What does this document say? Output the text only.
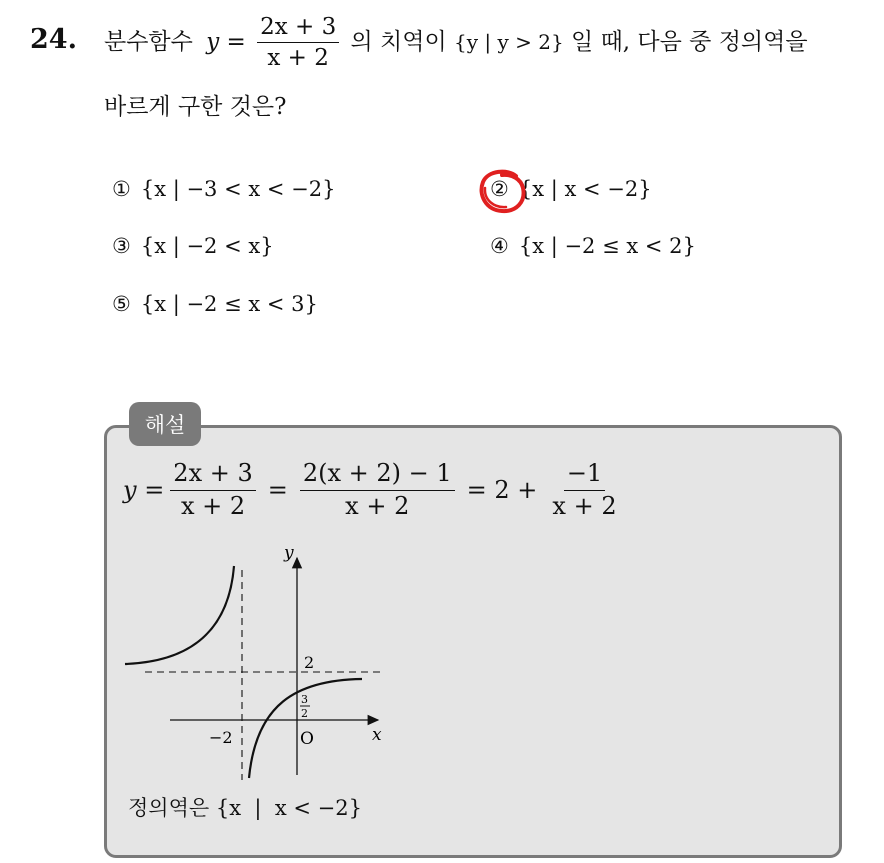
24. 분수함수 $y = \frac{2x + 3}{x + 2}$ 의 치역이 {y | y > 2} 일 때, 다음 중 정의역을
바르게 구한 것은?
① {x | −3 < x < −2}	② {x | x < −2}
③ {x | −2 < x}	④ {x | −2 ≤ x < 2}
⑤ {x | −2 ≤ x < 3}
해설
$y = \frac{2x + 3}{x + 2} = \frac{2(x + 2) - 1}{x + 2} = 2 + \frac{-1}{x + 2}$
y
x
2
3
2
−2	O
정의역은 {x  |  x < −2}
